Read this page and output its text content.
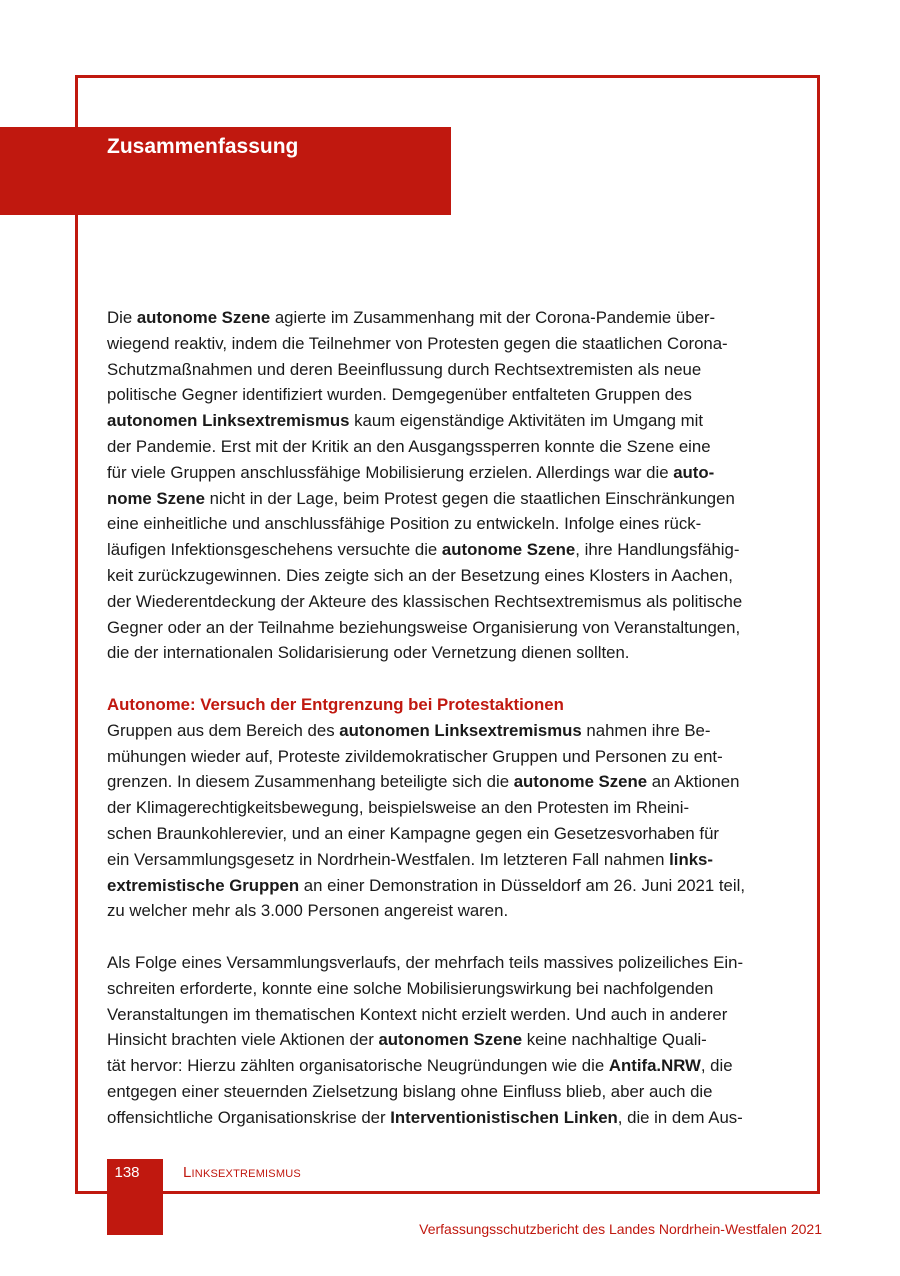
Zusammenfassung
Die autonome Szene agierte im Zusammenhang mit der Corona-Pandemie über-
wiegend reaktiv, indem die Teilnehmer von Protesten gegen die staatlichen Corona-
Schutzmaßnahmen und deren Beeinflussung durch Rechtsextremisten als neue
politische Gegner identifiziert wurden. Demgegenüber entfalteten Gruppen des
autonomen Linksextremismus kaum eigenständige Aktivitäten im Umgang mit
der Pandemie. Erst mit der Kritik an den Ausgangssperren konnte die Szene eine
für viele Gruppen anschlussfähige Mobilisierung erzielen. Allerdings war die auto-
nome Szene nicht in der Lage, beim Protest gegen die staatlichen Einschränkungen
eine einheitliche und anschlussfähige Position zu entwickeln. Infolge eines rück-
läufigen Infektionsgeschehens versuchte die autonome Szene, ihre Handlungsfähig-
keit zurückzugewinnen. Dies zeigte sich an der Besetzung eines Klosters in Aachen,
der Wiederentdeckung der Akteure des klassischen Rechtsextremismus als politische
Gegner oder an der Teilnahme beziehungsweise Organisierung von Veranstaltungen,
die der internationalen Solidarisierung oder Vernetzung dienen sollten.
Autonome: Versuch der Entgrenzung bei Protestaktionen
Gruppen aus dem Bereich des autonomen Linksextremismus nahmen ihre Be-
mühungen wieder auf, Proteste zivildemokratischer Gruppen und Personen zu ent-
grenzen. In diesem Zusammenhang beteiligte sich die autonome Szene an Aktionen
der Klimagerechtigkeitsbewegung, beispielsweise an den Protesten im Rheini-
schen Braunkohlerevier, und an einer Kampagne gegen ein Gesetzesvorhaben für
ein Versammlungsgesetz in Nordrhein-Westfalen. Im letzteren Fall nahmen links-
extremistische Gruppen an einer Demonstration in Düsseldorf am 26. Juni 2021 teil,
zu welcher mehr als 3.000 Personen angereist waren.
Als Folge eines Versammlungsverlaufs, der mehrfach teils massives polizeiliches Ein-
schreiten erforderte, konnte eine solche Mobilisierungswirkung bei nachfolgenden
Veranstaltungen im thematischen Kontext nicht erzielt werden. Und auch in anderer
Hinsicht brachten viele Aktionen der autonomen Szene keine nachhaltige Quali-
tät hervor: Hierzu zählten organisatorische Neugründungen wie die Antifa.NRW, die
entgegen einer steuernden Zielsetzung bislang ohne Einfluss blieb, aber auch die
offensichtliche Organisationskrise der Interventionistischen Linken, die in dem Aus-
138	Linksextremismus
Verfassungsschutzbericht des Landes Nordrhein-Westfalen 2021
